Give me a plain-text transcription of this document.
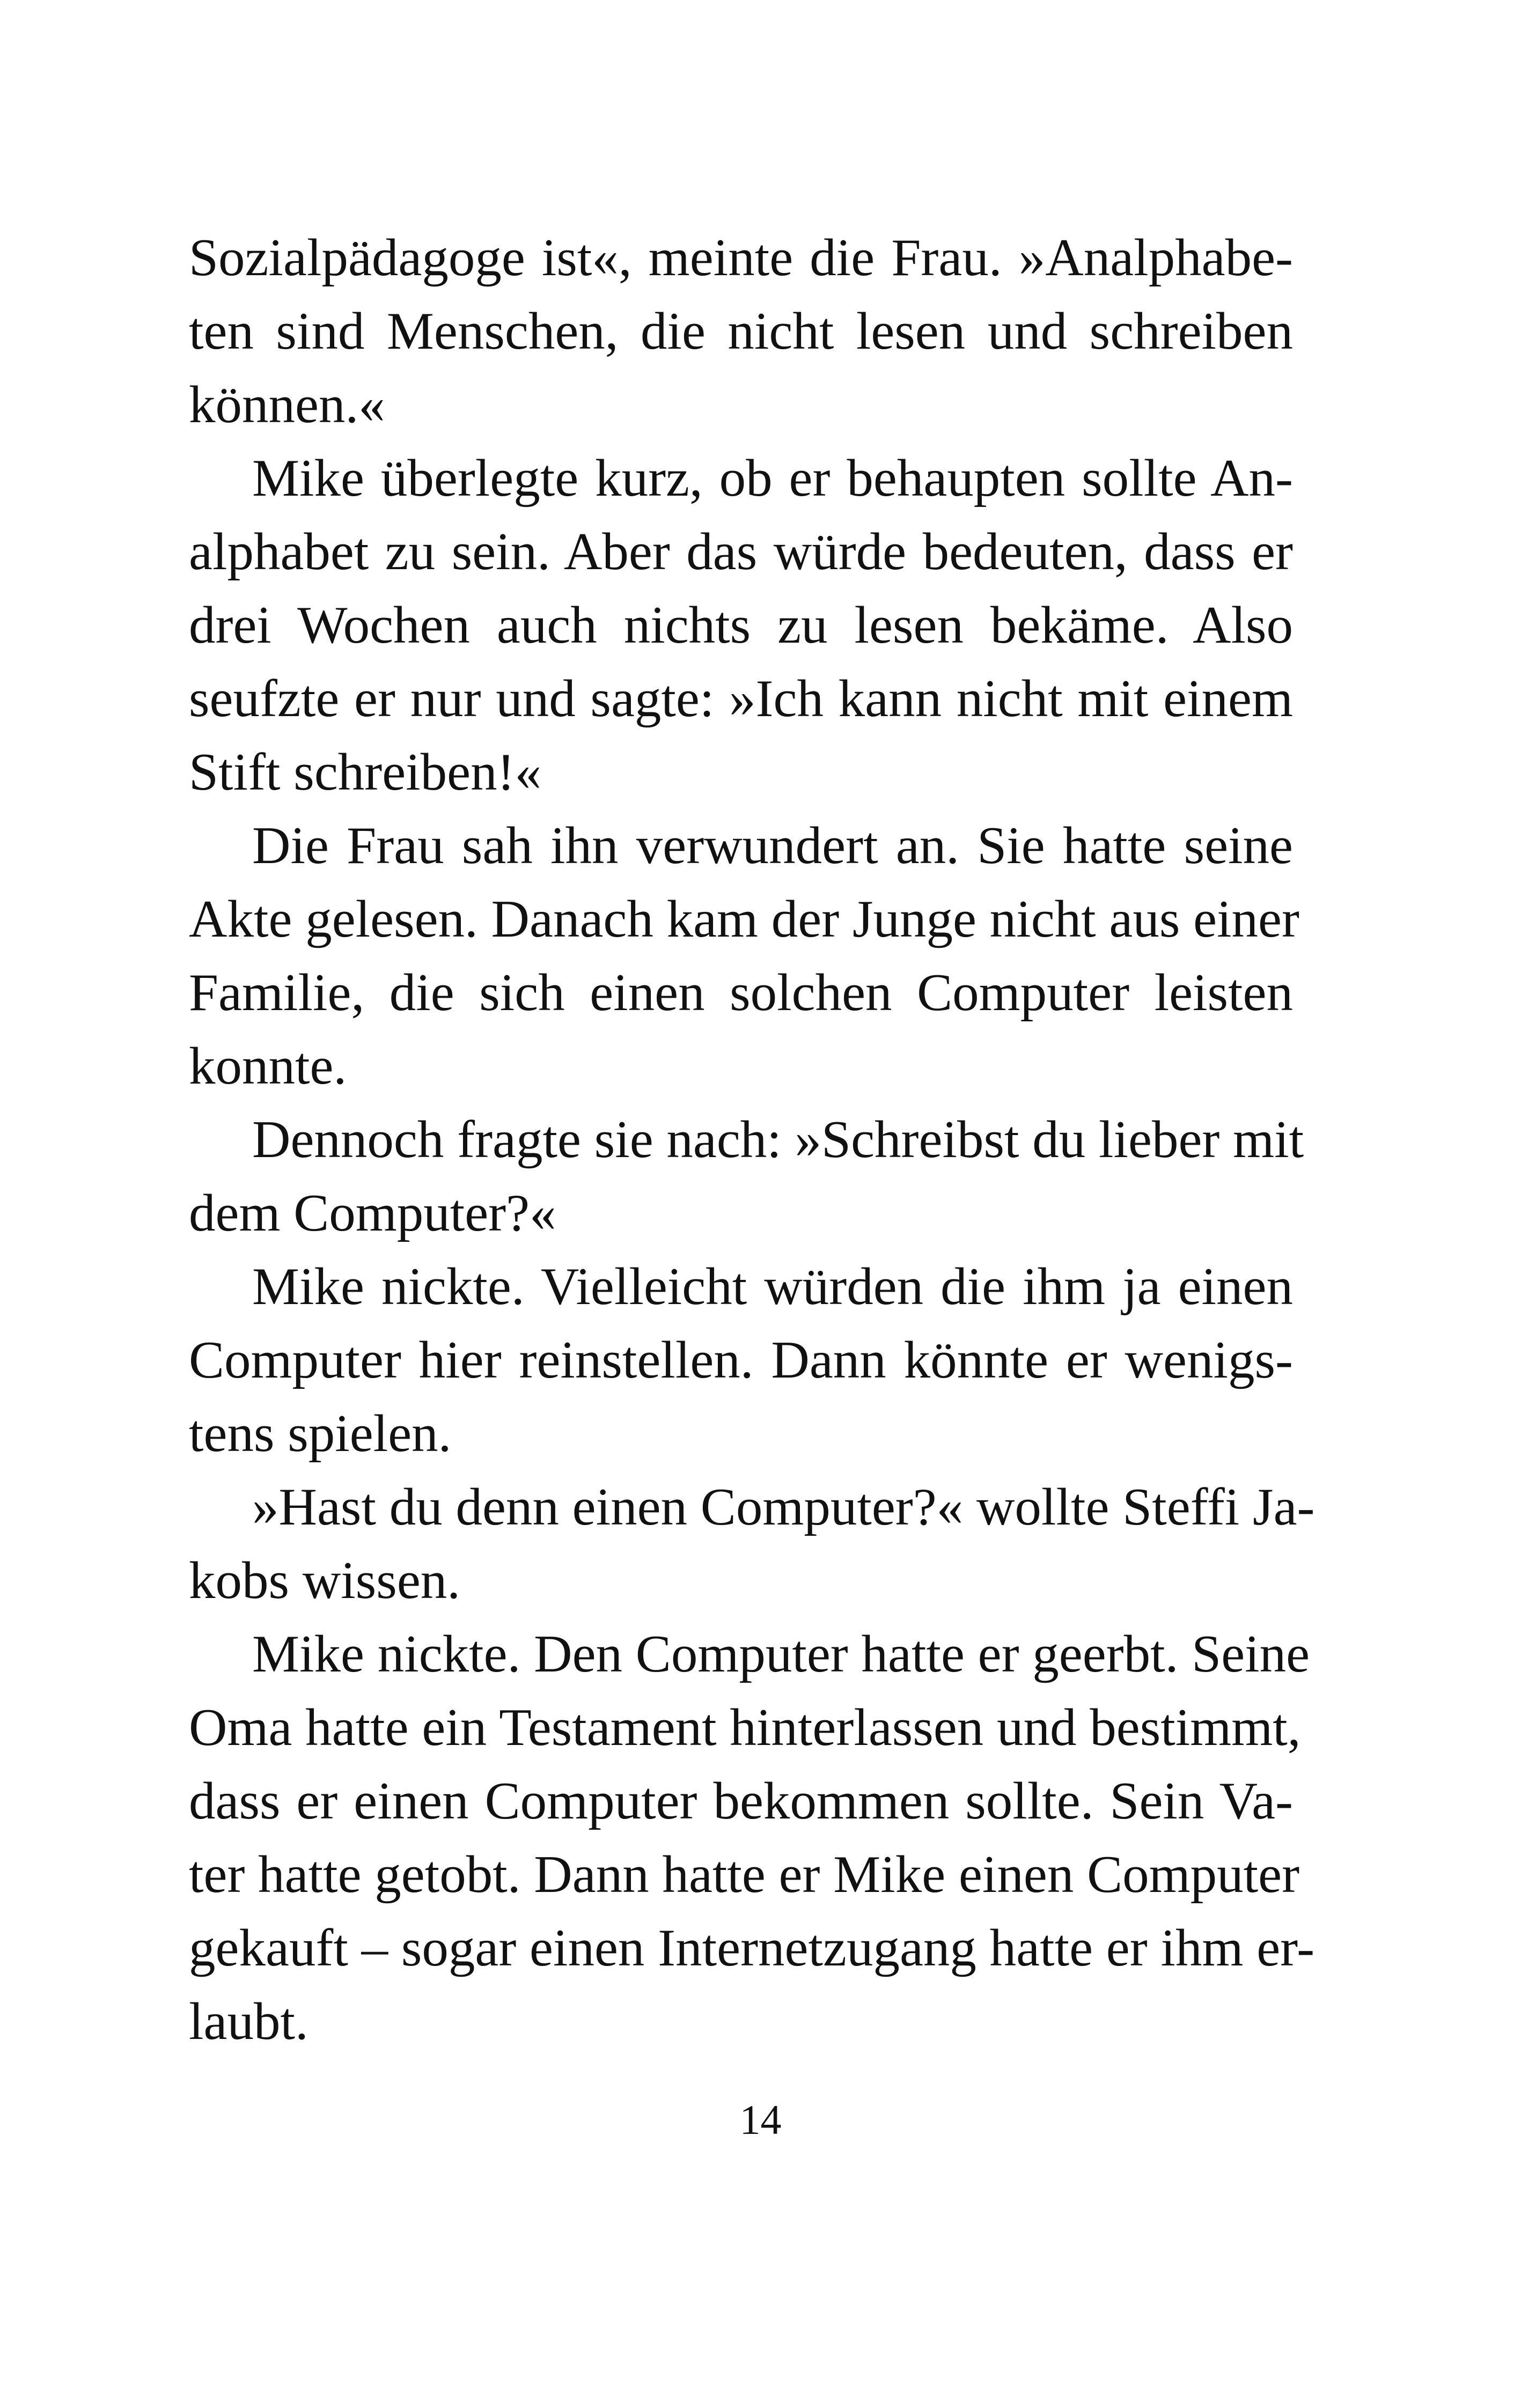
Sozialpädagoge ist«, meinte die Frau. »Analphabe-
ten sind Menschen, die nicht lesen und schreiben
können.«
Mike überlegte kurz, ob er behaupten sollte An-
alphabet zu sein. Aber das würde bedeuten, dass er
drei Wochen auch nichts zu lesen bekäme. Also
seufzte er nur und sagte: »Ich kann nicht mit einem
Stift schreiben!«
Die Frau sah ihn verwundert an. Sie hatte seine
Akte gelesen. Danach kam der Junge nicht aus einer
Familie, die sich einen solchen Computer leisten
konnte.
Dennoch fragte sie nach: »Schreibst du lieber mit
dem Computer?«
Mike nickte. Vielleicht würden die ihm ja einen
Computer hier reinstellen. Dann könnte er wenigs-
tens spielen.
»Hast du denn einen Computer?« wollte Steffi Ja-
kobs wissen.
Mike nickte. Den Computer hatte er geerbt. Seine
Oma hatte ein Testament hinterlassen und bestimmt,
dass er einen Computer bekommen sollte. Sein Va-
ter hatte getobt. Dann hatte er Mike einen Computer
gekauft – sogar einen Internetzugang hatte er ihm er-
laubt.
14
